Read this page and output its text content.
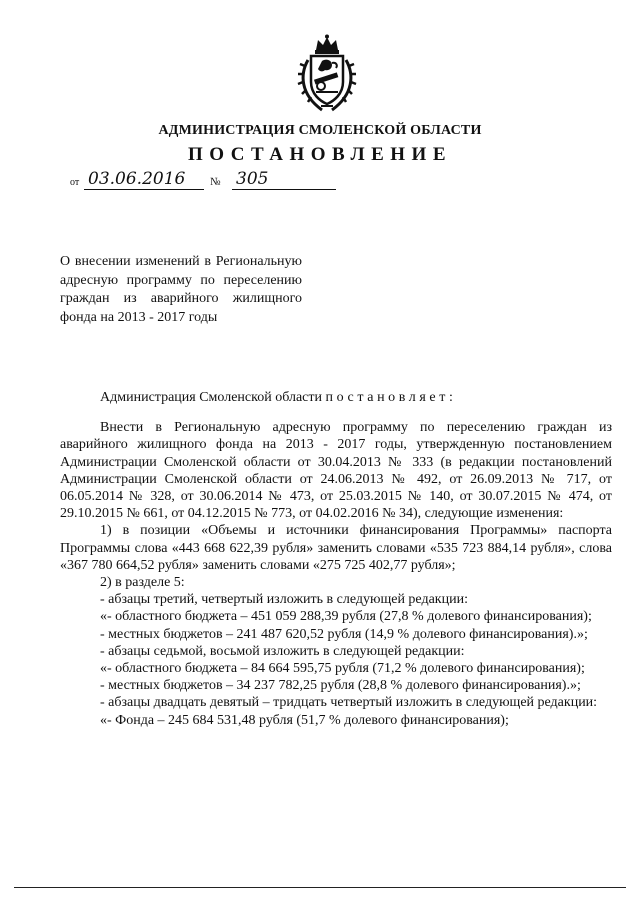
АДМИНИСТРАЦИЯ СМОЛЕНСКОЙ ОБЛАСТИ
ПОСТАНОВЛЕНИЕ
от 03.06.2016	№ 305
О внесении изменений в Региональную адресную программу по переселению граждан из аварийного жилищного фонда на 2013 - 2017 годы

Администрация Смоленской области постановляет:

Внести в Региональную адресную программу по переселению граждан из аварийного жилищного фонда на 2013 - 2017 годы, утвержденную постановлением Администрации Смоленской области от 30.04.2013 № 333 (в редакции постановлений Администрации Смоленской области от 24.06.2013 № 492, от 26.09.2013 № 717, от 06.05.2014 № 328, от 30.06.2014 № 473, от 25.03.2015 № 140, от 30.07.2015 № 474, от 29.10.2015 № 661, от 04.12.2015 № 773, от 04.02.2016 № 34), следующие изменения:

1) в позиции «Объемы и источники финансирования Программы» паспорта Программы слова «443 668 622,39 рубля» заменить словами «535 723 884,14 рубля», слова «367 780 664,52 рубля» заменить словами «275 725 402,77 рубля»;

2) в разделе 5:

- абзацы третий, четвертый изложить в следующей редакции:

«- областного бюджета – 451 059 288,39 рубля (27,8 % долевого финансирования);

- местных бюджетов – 241 487 620,52 рубля (14,9 % долевого финансирования).»;

- абзацы седьмой, восьмой изложить в следующей редакции:

«- областного бюджета – 84 664 595,75 рубля (71,2 % долевого финансирования);

- местных бюджетов – 34 237 782,25 рубля (28,8 % долевого финансирования).»;

- абзацы двадцать девятый – тридцать четвертый изложить в следующей редакции:

«- Фонда – 245 684 531,48 рубля (51,7 % долевого финансирования);
